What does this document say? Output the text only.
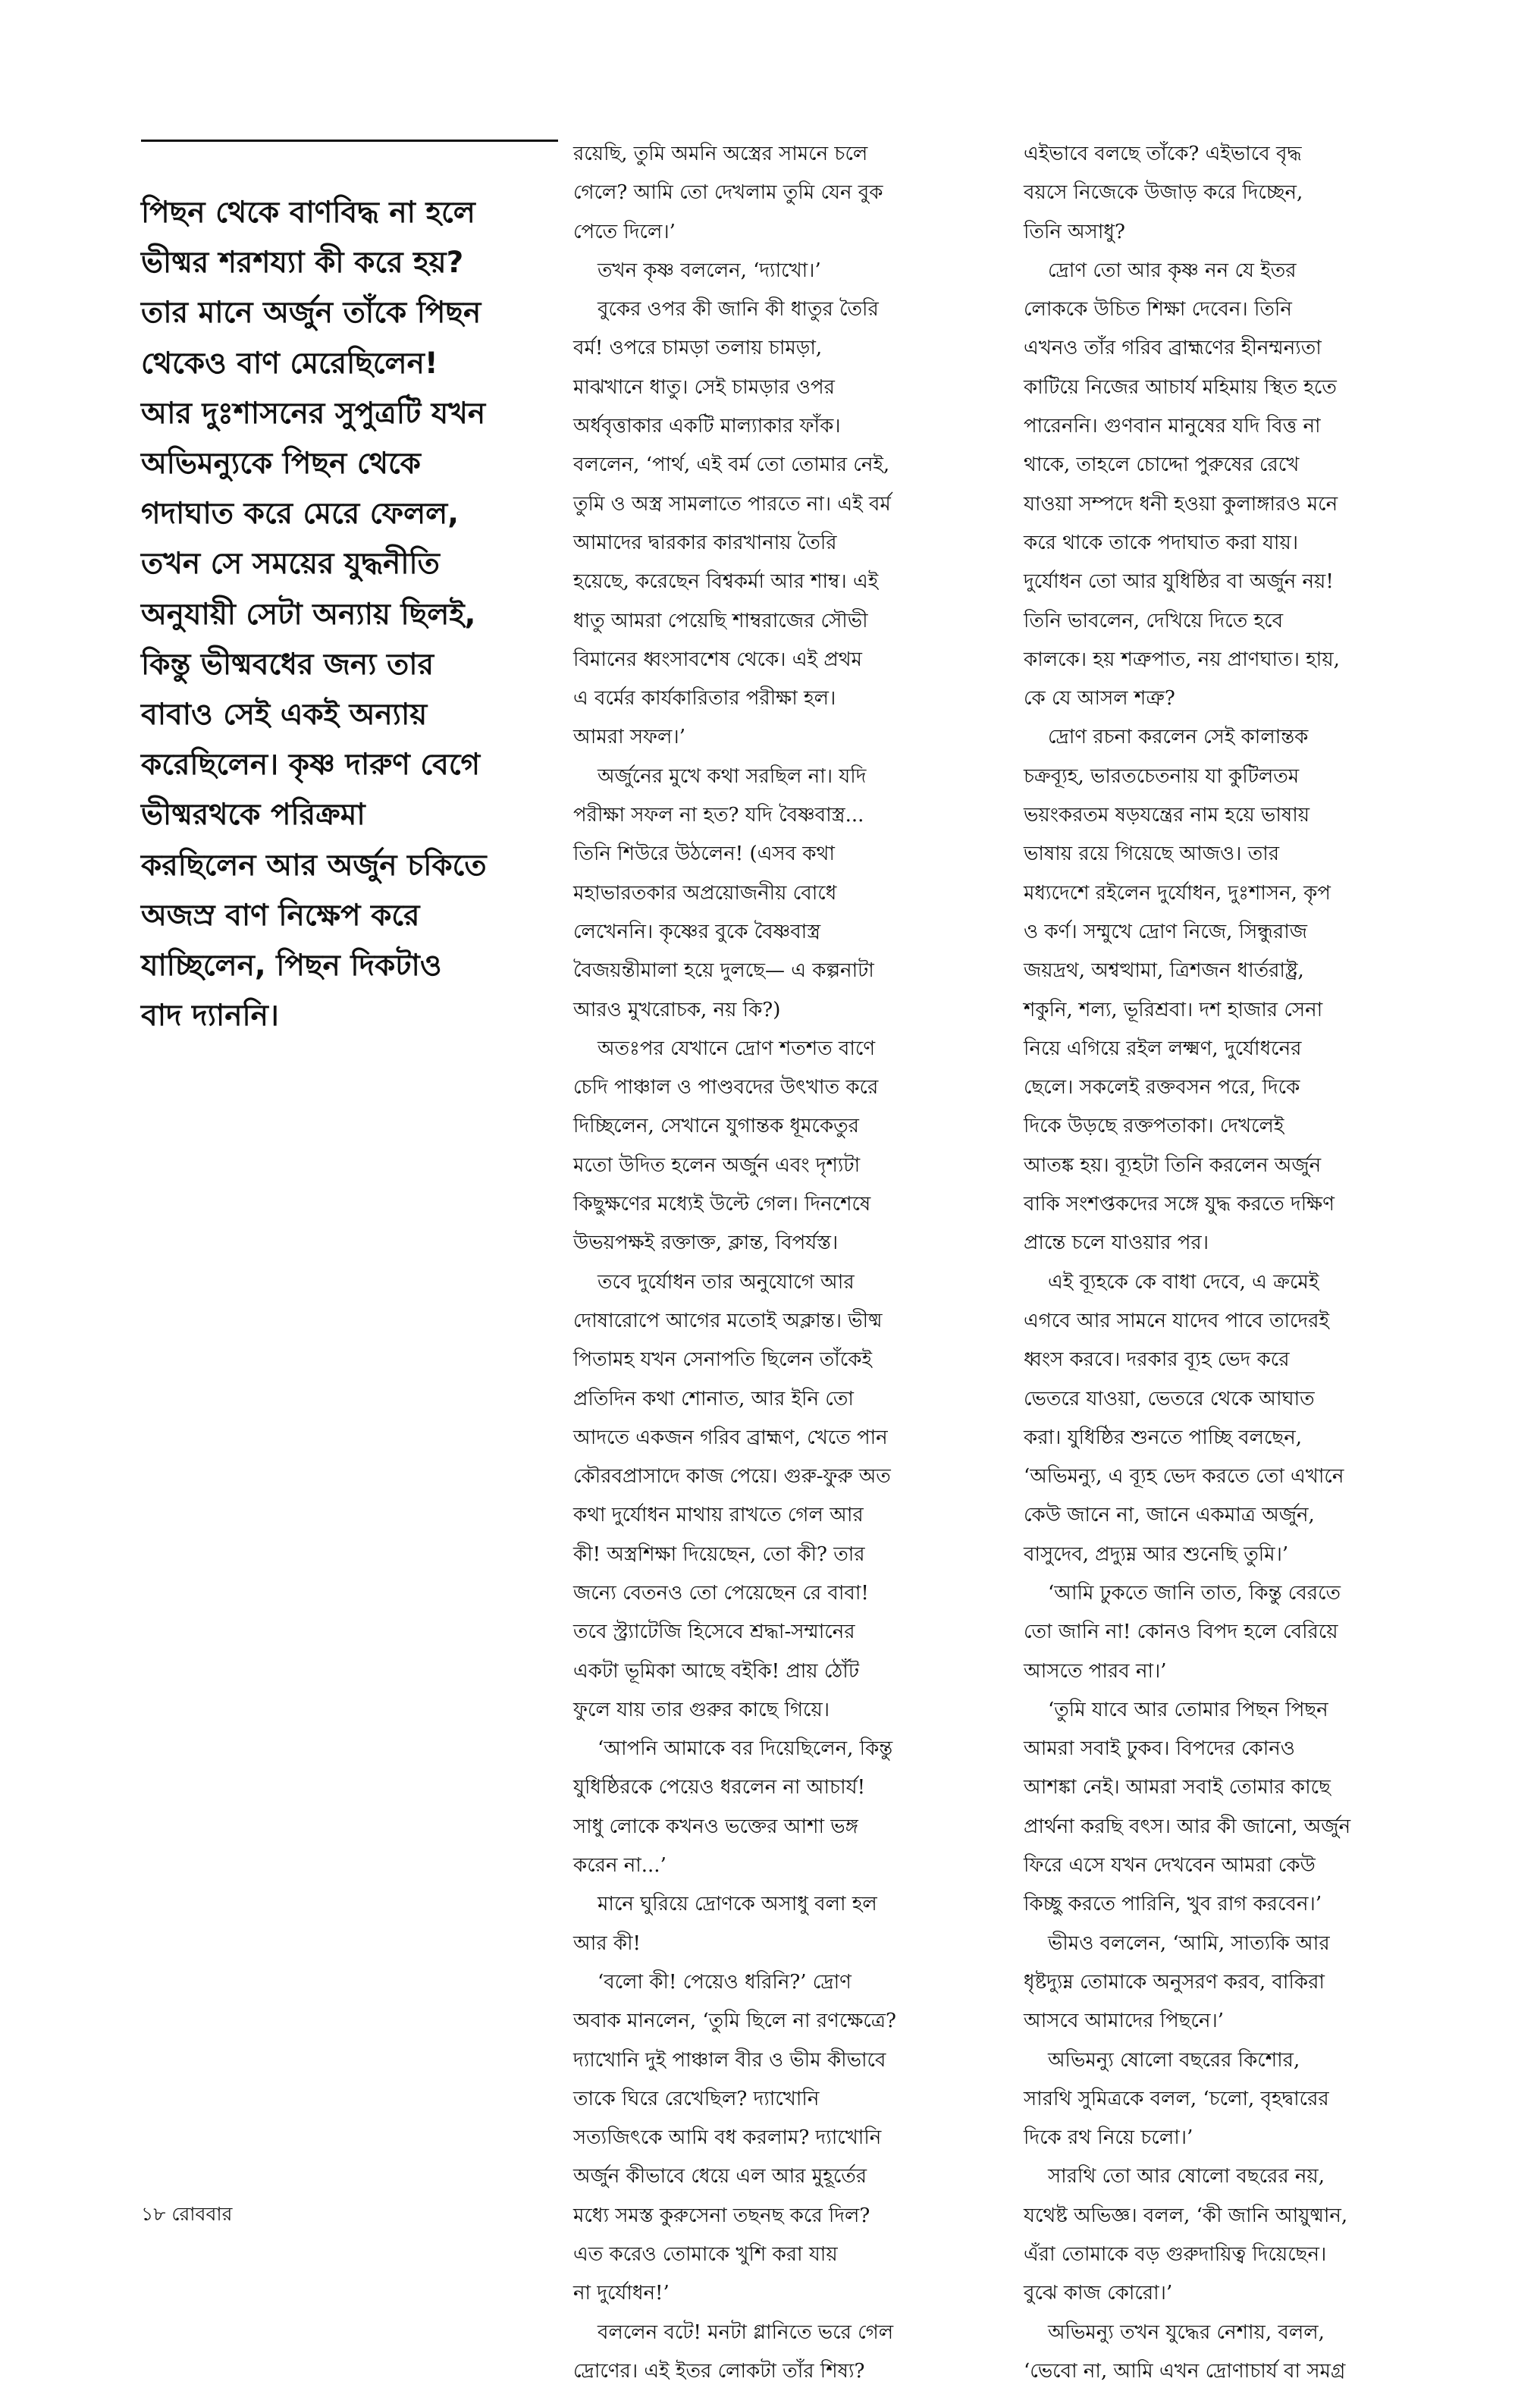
পিছন থেকে বাণবিদ্ধ না হলে
ভীষ্মর শরশয্যা কী করে হয়?
তার মানে অর্জুন তাঁকে পিছন
থেকেও বাণ মেরেছিলেন!
আর দুঃশাসনের সুপুত্রটি যখন
অভিমন্যুকে পিছন থেকে
গদাঘাত করে মেরে ফেলল,
তখন সে সময়ের যুদ্ধনীতি
অনুযায়ী সেটা অন্যায় ছিলই,
কিন্তু ভীষ্মবধের জন্য তার
বাবাও সেই একই অন্যায়
করেছিলেন। কৃষ্ণ দারুণ বেগে
ভীষ্মরথকে পরিক্রমা
করছিলেন আর অর্জুন চকিতে
অজস্র বাণ নিক্ষেপ করে
যাচ্ছিলেন, পিছন দিকটাও
বাদ দ্যাননি।
রয়েছি, তুমি অমনি অস্ত্রের সামনে চলে
গেলে? আমি তো দেখলাম তুমি যেন বুক
পেতে দিলে।’
তখন কৃষ্ণ বললেন, ‘দ্যাখো।’
বুকের ওপর কী জানি কী ধাতুর তৈরি
বর্ম! ওপরে চামড়া তলায় চামড়া,
মাঝখানে ধাতু। সেই চামড়ার ওপর
অর্ধবৃত্তাকার একটি মাল্যাকার ফাঁক।
বললেন, ‘পার্থ, এই বর্ম তো তোমার নেই,
তুমি ও অস্ত্র সামলাতে পারতে না। এই বর্ম
আমাদের দ্বারকার কারখানায় তৈরি
হয়েছে, করেছেন বিশ্বকর্মা আর শাম্ব। এই
ধাতু আমরা পেয়েছি শাম্বরাজের সৌভী
বিমানের ধ্বংসাবশেষ থেকে। এই প্রথম
এ বর্মের কার্যকারিতার পরীক্ষা হল।
আমরা সফল।’
অর্জুনের মুখে কথা সরছিল না। যদি
পরীক্ষা সফল না হত? যদি বৈষ্ণবাস্ত্র...
তিনি শিউরে উঠলেন! (এসব কথা
মহাভারতকার অপ্রয়োজনীয় বোধে
লেখেননি। কৃষ্ণের বুকে বৈষ্ণবাস্ত্র
বৈজয়ন্তীমালা হয়ে দুলছে— এ কল্পনাটা
আরও মুখরোচক, নয় কি?)
অতঃপর যেখানে দ্রোণ শতশত বাণে
চেদি পাঞ্চাল ও পাণ্ডবদের উৎখাত করে
দিচ্ছিলেন, সেখানে যুগান্তক ধূমকেতুর
মতো উদিত হলেন অর্জুন এবং দৃশ্যটা
কিছুক্ষণের মধ্যেই উল্টে গেল। দিনশেষে
উভয়পক্ষই রক্তাক্ত, ক্লান্ত, বিপর্যস্ত।
তবে দুর্যোধন তার অনুযোগে আর
দোষারোপে আগের মতোই অক্লান্ত। ভীষ্ম
পিতামহ যখন সেনাপতি ছিলেন তাঁকেই
প্রতিদিন কথা শোনাত, আর ইনি তো
আদতে একজন গরিব ব্রাহ্মণ, খেতে পান
কৌরবপ্রাসাদে কাজ পেয়ে। গুরু-ফুরু অত
কথা দুর্যোধন মাথায় রাখতে গেল আর
কী! অস্ত্রশিক্ষা দিয়েছেন, তো কী? তার
জন্যে বেতনও তো পেয়েছেন রে বাবা!
তবে স্ট্র্যাটেজি হিসেবে শ্রদ্ধা-সম্মানের
একটা ভূমিকা আছে বইকি! প্রায় ঠোঁট
ফুলে যায় তার গুরুর কাছে গিয়ে।
‘আপনি আমাকে বর দিয়েছিলেন, কিন্তু
যুধিষ্ঠিরকে পেয়েও ধরলেন না আচার্য!
সাধু লোকে কখনও ভক্তের আশা ভঙ্গ
করেন না...’
মানে ঘুরিয়ে দ্রোণকে অসাধু বলা হল
আর কী!
‘বলো কী! পেয়েও ধরিনি?’ দ্রোণ
অবাক মানলেন, ‘তুমি ছিলে না রণক্ষেত্রে?
দ্যাখোনি দুই পাঞ্চাল বীর ও ভীম কীভাবে
তাকে ঘিরে রেখেছিল? দ্যাখোনি
সত্যজিৎকে আমি বধ করলাম? দ্যাখোনি
অর্জুন কীভাবে ধেয়ে এল আর মুহূর্তের
মধ্যে সমস্ত কুরুসেনা তছনছ করে দিল?
এত করেও তোমাকে খুশি করা যায়
না দুর্যোধন!’
বললেন বটে! মনটা গ্লানিতে ভরে গেল
দ্রোণের। এই ইতর লোকটা তাঁর শিষ্য?
এইভাবে বলছে তাঁকে? এইভাবে বৃদ্ধ
বয়সে নিজেকে উজাড় করে দিচ্ছেন,
তিনি অসাধু?
দ্রোণ তো আর কৃষ্ণ নন যে ইতর
লোককে উচিত শিক্ষা দেবেন। তিনি
এখনও তাঁর গরিব ব্রাহ্মণের হীনম্মন্যতা
কাটিয়ে নিজের আচার্য মহিমায় স্থিত হতে
পারেননি। গুণবান মানুষের যদি বিত্ত না
থাকে, তাহলে চোদ্দো পুরুষের রেখে
যাওয়া সম্পদে ধনী হওয়া কুলাঙ্গারও মনে
করে থাকে তাকে পদাঘাত করা যায়।
দুর্যোধন তো আর যুধিষ্ঠির বা অর্জুন নয়!
তিনি ভাবলেন, দেখিয়ে দিতে হবে
কালকে। হয় শত্রুপাত, নয় প্রাণঘাত। হায়,
কে যে আসল শত্রু?
দ্রোণ রচনা করলেন সেই কালান্তক
চক্রব্যূহ, ভারতচেতনায় যা কুটিলতম
ভয়ংকরতম ষড়যন্ত্রের নাম হয়ে ভাষায়
ভাষায় রয়ে গিয়েছে আজও। তার
মধ্যদেশে রইলেন দুর্যোধন, দুঃশাসন, কৃপ
ও কর্ণ। সম্মুখে দ্রোণ নিজে, সিন্ধুরাজ
জয়দ্রথ, অশ্বত্থামা, ত্রিশজন ধার্তরাষ্ট্র,
শকুনি, শল্য, ভূরিশ্রবা। দশ হাজার সেনা
নিয়ে এগিয়ে রইল লক্ষ্মণ, দুর্যোধনের
ছেলে। সকলেই রক্তবসন পরে, দিকে
দিকে উড়ছে রক্তপতাকা। দেখলেই
আতঙ্ক হয়। ব্যূহটা তিনি করলেন অর্জুন
বাকি সংশপ্তকদের সঙ্গে যুদ্ধ করতে দক্ষিণ
প্রান্তে চলে যাওয়ার পর।
এই ব্যূহকে কে বাধা দেবে, এ ক্রমেই
এগবে আর সামনে যাদেব পাবে তাদেরই
ধ্বংস করবে। দরকার ব্যূহ ভেদ করে
ভেতরে যাওয়া, ভেতরে থেকে আঘাত
করা। যুধিষ্ঠির শুনতে পাচ্ছি বলছেন,
‘অভিমন্যু, এ ব্যূহ ভেদ করতে তো এখানে
কেউ জানে না, জানে একমাত্র অর্জুন,
বাসুদেব, প্রদ্যুম্ন আর শুনেছি তুমি।’
‘আমি ঢুকতে জানি তাত, কিন্তু বেরতে
তো জানি না! কোনও বিপদ হলে বেরিয়ে
আসতে পারব না।’
‘তুমি যাবে আর তোমার পিছন পিছন
আমরা সবাই ঢুকব। বিপদের কোনও
আশঙ্কা নেই। আমরা সবাই তোমার কাছে
প্রার্থনা করছি বৎস। আর কী জানো, অর্জুন
ফিরে এসে যখন দেখবেন আমরা কেউ
কিচ্ছু করতে পারিনি, খুব রাগ করবেন।’
ভীমও বললেন, ‘আমি, সাত্যকি আর
ধৃষ্টদ্যুম্ন তোমাকে অনুসরণ করব, বাকিরা
আসবে আমাদের পিছনে।’
অভিমন্যু ষোলো বছরের কিশোর,
সারথি সুমিত্রকে বলল, ‘চলো, বৃহদ্বারের
দিকে রথ নিয়ে চলো।’
সারথি তো আর ষোলো বছরের নয়,
যথেষ্ট অভিজ্ঞ। বলল, ‘কী জানি আয়ুষ্মান,
এঁরা তোমাকে বড় গুরুদায়িত্ব দিয়েছেন।
বুঝে কাজ কোরো।’
অভিমন্যু তখন যুদ্ধের নেশায়, বলল,
‘ভেবো না, আমি এখন দ্রোণাচার্য বা সমগ্র
১৮ রোববার
